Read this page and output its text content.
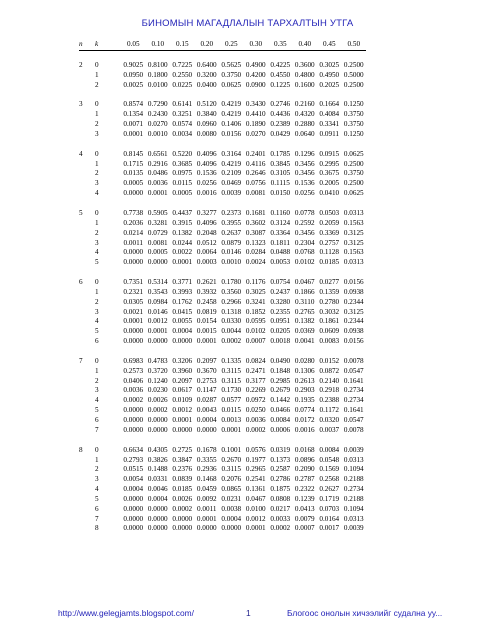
БИНОМЫН МАГАДЛАЛЫН ТАРХАЛТЫН УТГА
n	k	0.05	0.10	0.15	0.20	0.25	0.30	0.35	0.40	0.45	0.50

2	0	0.9025	0.8100	0.7225	0.6400	0.5625	0.4900	0.4225	0.3600	0.3025	0.2500
	1	0.0950	0.1800	0.2550	0.3200	0.3750	0.4200	0.4550	0.4800	0.4950	0.5000
	2	0.0025	0.0100	0.0225	0.0400	0.0625	0.0900	0.1225	0.1600	0.2025	0.2500

3	0	0.8574	0.7290	0.6141	0.5120	0.4219	0.3430	0.2746	0.2160	0.1664	0.1250
	1	0.1354	0.2430	0.3251	0.3840	0.4219	0.4410	0.4436	0.4320	0.4084	0.3750
	2	0.0071	0.0270	0.0574	0.0960	0.1406	0.1890	0.2389	0.2880	0.3341	0.3750
	3	0.0001	0.0010	0.0034	0.0080	0.0156	0.0270	0.0429	0.0640	0.0911	0.1250

4	0	0.8145	0.6561	0.5220	0.4096	0.3164	0.2401	0.1785	0.1296	0.0915	0.0625
	1	0.1715	0.2916	0.3685	0.4096	0.4219	0.4116	0.3845	0.3456	0.2995	0.2500
	2	0.0135	0.0486	0.0975	0.1536	0.2109	0.2646	0.3105	0.3456	0.3675	0.3750
	3	0.0005	0.0036	0.0115	0.0256	0.0469	0.0756	0.1115	0.1536	0.2005	0.2500
	4	0.0000	0.0001	0.0005	0.0016	0.0039	0.0081	0.0150	0.0256	0.0410	0.0625

5	0	0.7738	0.5905	0.4437	0.3277	0.2373	0.1681	0.1160	0.0778	0.0503	0.0313
	1	0.2036	0.3281	0.3915	0.4096	0.3955	0.3602	0.3124	0.2592	0.2059	0.1563
	2	0.0214	0.0729	0.1382	0.2048	0.2637	0.3087	0.3364	0.3456	0.3369	0.3125
	3	0.0011	0.0081	0.0244	0.0512	0.0879	0.1323	0.1811	0.2304	0.2757	0.3125
	4	0.0000	0.0005	0.0022	0.0064	0.0146	0.0284	0.0488	0.0768	0.1128	0.1563
	5	0.0000	0.0000	0.0001	0.0003	0.0010	0.0024	0.0053	0.0102	0.0185	0.0313

6	0	0.7351	0.5314	0.3771	0.2621	0.1780	0.1176	0.0754	0.0467	0.0277	0.0156
	1	0.2321	0.3543	0.3993	0.3932	0.3560	0.3025	0.2437	0.1866	0.1359	0.0938
	2	0.0305	0.0984	0.1762	0.2458	0.2966	0.3241	0.3280	0.3110	0.2780	0.2344
	3	0.0021	0.0146	0.0415	0.0819	0.1318	0.1852	0.2355	0.2765	0.3032	0.3125
	4	0.0001	0.0012	0.0055	0.0154	0.0330	0.0595	0.0951	0.1382	0.1861	0.2344
	5	0.0000	0.0001	0.0004	0.0015	0.0044	0.0102	0.0205	0.0369	0.0609	0.0938
	6	0.0000	0.0000	0.0000	0.0001	0.0002	0.0007	0.0018	0.0041	0.0083	0.0156

7	0	0.6983	0.4783	0.3206	0.2097	0.1335	0.0824	0.0490	0.0280	0.0152	0.0078
	1	0.2573	0.3720	0.3960	0.3670	0.3115	0.2471	0.1848	0.1306	0.0872	0.0547
	2	0.0406	0.1240	0.2097	0.2753	0.3115	0.3177	0.2985	0.2613	0.2140	0.1641
	3	0.0036	0.0230	0.0617	0.1147	0.1730	0.2269	0.2679	0.2903	0.2918	0.2734
	4	0.0002	0.0026	0.0109	0.0287	0.0577	0.0972	0.1442	0.1935	0.2388	0.2734
	5	0.0000	0.0002	0.0012	0.0043	0.0115	0.0250	0.0466	0.0774	0.1172	0.1641
	6	0.0000	0.0000	0.0001	0.0004	0.0013	0.0036	0.0084	0.0172	0.0320	0.0547
	7	0.0000	0.0000	0.0000	0.0000	0.0001	0.0002	0.0006	0.0016	0.0037	0.0078

8	0	0.6634	0.4305	0.2725	0.1678	0.1001	0.0576	0.0319	0.0168	0.0084	0.0039
	1	0.2793	0.3826	0.3847	0.3355	0.2670	0.1977	0.1373	0.0896	0.0548	0.0313
	2	0.0515	0.1488	0.2376	0.2936	0.3115	0.2965	0.2587	0.2090	0.1569	0.1094
	3	0.0054	0.0331	0.0839	0.1468	0.2076	0.2541	0.2786	0.2787	0.2568	0.2188
	4	0.0004	0.0046	0.0185	0.0459	0.0865	0.1361	0.1875	0.2322	0.2627	0.2734
	5	0.0000	0.0004	0.0026	0.0092	0.0231	0.0467	0.0808	0.1239	0.1719	0.2188
	6	0.0000	0.0000	0.0002	0.0011	0.0038	0.0100	0.0217	0.0413	0.0703	0.1094
	7	0.0000	0.0000	0.0000	0.0001	0.0004	0.0012	0.0033	0.0079	0.0164	0.0313
	8	0.0000	0.0000	0.0000	0.0000	0.0000	0.0001	0.0002	0.0007	0.0017	0.0039
http://www.gelegjamts.blogspot.com/	1	Блогоос онолын хичээлийг судална уу...
